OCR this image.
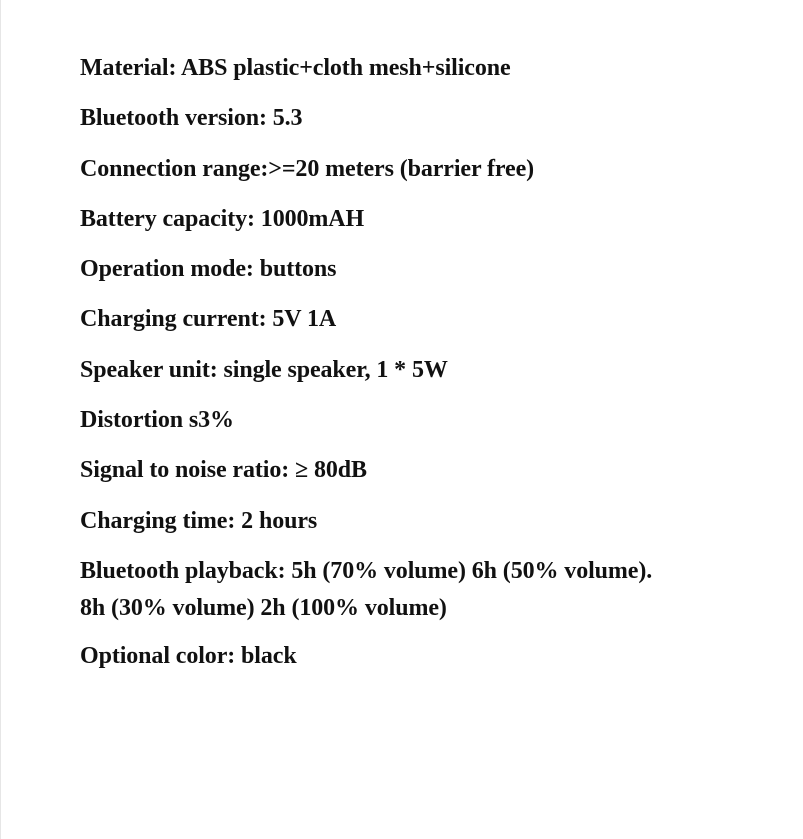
Material: ABS plastic+cloth mesh+silicone
Bluetooth version: 5.3
Connection range:>=20 meters (barrier free)
Battery capacity: 1000mAH
Operation mode: buttons
Charging current: 5V 1A
Speaker unit: single speaker, 1 * 5W
Distortion s3%
Signal to noise ratio: ≥ 80dB
Charging time: 2 hours
Bluetooth playback: 5h (70% volume) 6h (50% volume).
8h (30% volume) 2h (100% volume)
Optional color: black
